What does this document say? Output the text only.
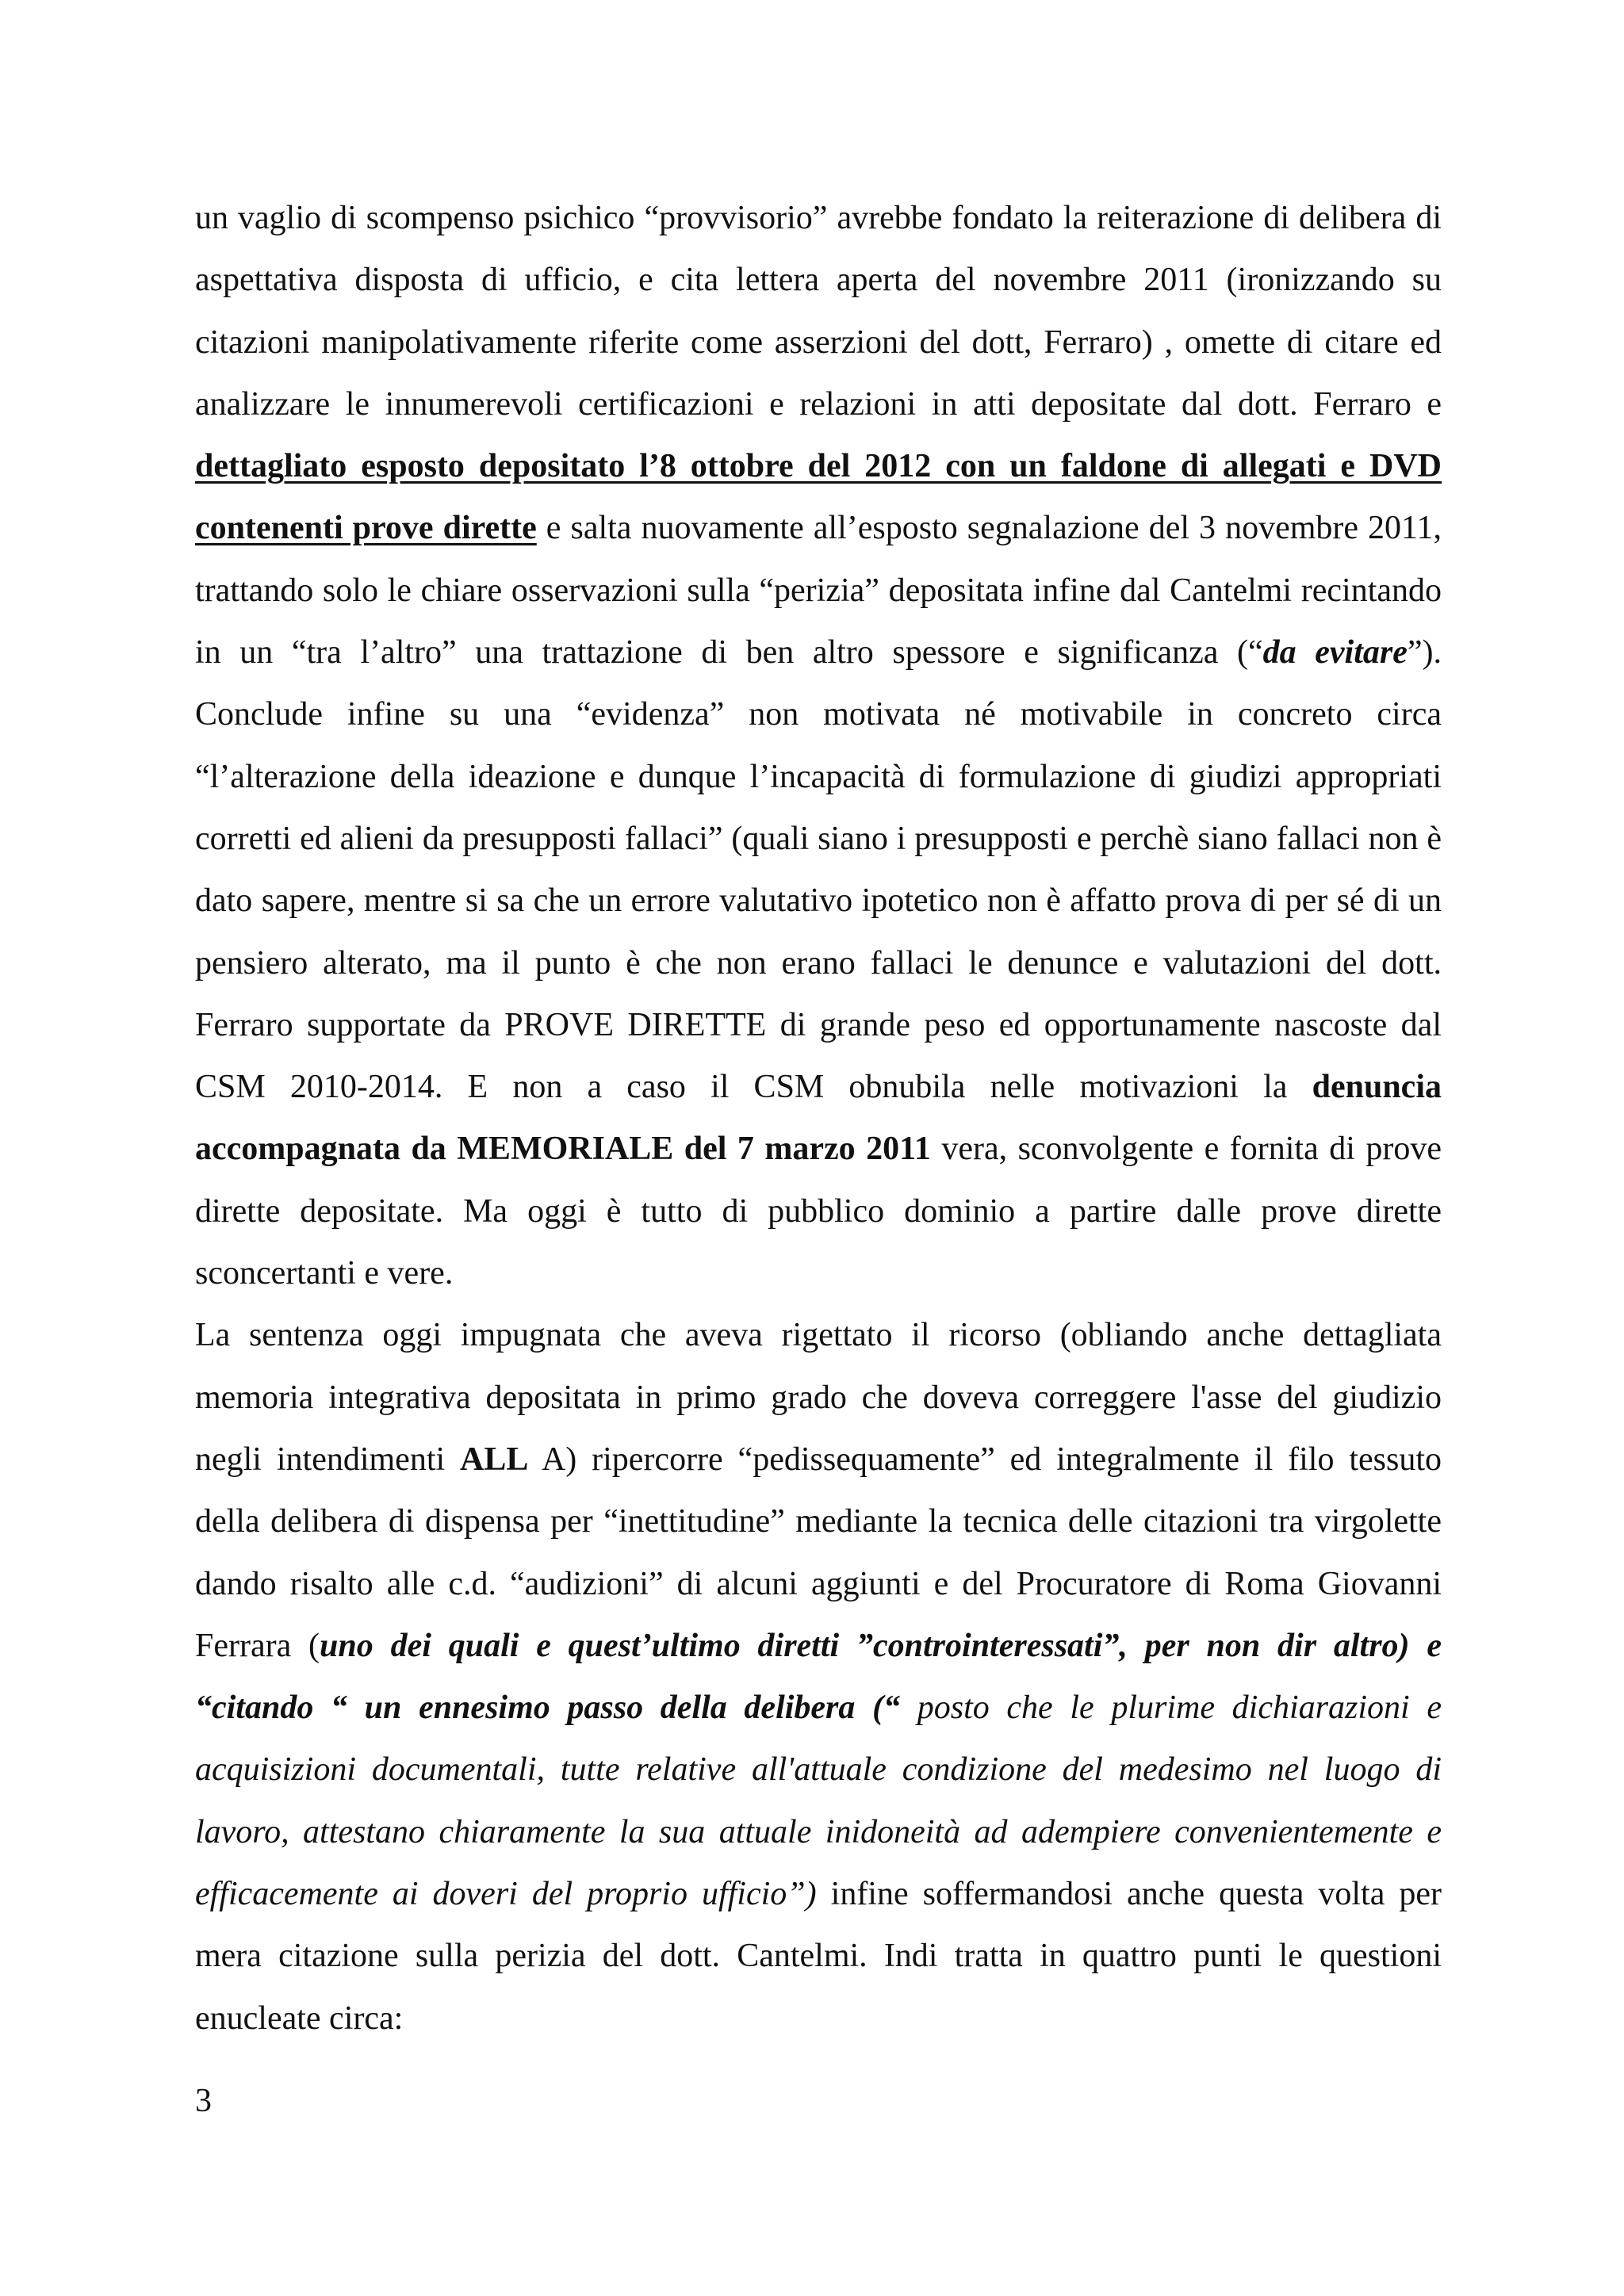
un vaglio di scompenso psichico “provvisorio” avrebbe fondato la reiterazione di delibera di aspettativa disposta di ufficio, e cita lettera aperta del novembre 2011 (ironizzando su citazioni manipolativamente riferite come asserzioni del dott, Ferraro) , omette di citare ed analizzare le innumerevoli certificazioni e relazioni in atti depositate dal dott. Ferraro e dettagliato esposto depositato l’8 ottobre del 2012 con un faldone di allegati e DVD contenenti prove dirette e salta nuovamente all’esposto segnalazione del 3 novembre 2011, trattando solo le chiare osservazioni sulla “perizia” depositata infine dal Cantelmi recintando in un “tra l’altro” una trattazione di ben altro spessore e significanza (“da evitare”). Conclude infine su una “evidenza” non motivata né motivabile in concreto circa “l’alterazione della ideazione e dunque l’incapacità di formulazione di giudizi appropriati corretti ed alieni da presupposti fallaci” (quali siano i presupposti e perchè siano fallaci non è dato sapere, mentre si sa che un errore valutativo ipotetico non è affatto prova di per sé di un pensiero alterato, ma il punto è che non erano fallaci le denunce e valutazioni del dott. Ferraro supportate da PROVE DIRETTE di grande peso ed opportunamente nascoste dal CSM 2010-2014. E non a caso il CSM obnubila nelle motivazioni la denuncia accompagnata da MEMORIALE del 7 marzo 2011 vera, sconvolgente e fornita di prove dirette depositate. Ma oggi è tutto di pubblico dominio a partire dalle prove dirette sconcertanti e vere.

La sentenza oggi impugnata che aveva rigettato il ricorso (obliando anche dettagliata memoria integrativa depositata in primo grado che doveva correggere l'asse del giudizio negli intendimenti ALL A) ripercorre “pedissequamente” ed integralmente il filo tessuto della delibera di dispensa per “inettitudine” mediante la tecnica delle citazioni tra virgolette dando risalto alle c.d. “audizioni” di alcuni aggiunti e del Procuratore di Roma Giovanni Ferrara (uno dei quali e quest’ultimo diretti ”controinteressati”, per non dir altro) e “citando “ un ennesimo passo della delibera (“ posto che le plurime dichiarazioni e acquisizioni documentali, tutte relative all'attuale condizione del medesimo nel luogo di lavoro, attestano chiaramente la sua attuale inidoneità ad adempiere convenientemente e efficacemente ai doveri del proprio ufficio”) infine soffermandosi anche questa volta per mera citazione sulla perizia del dott. Cantelmi. Indi tratta in quattro punti le questioni enucleate circa:

3
